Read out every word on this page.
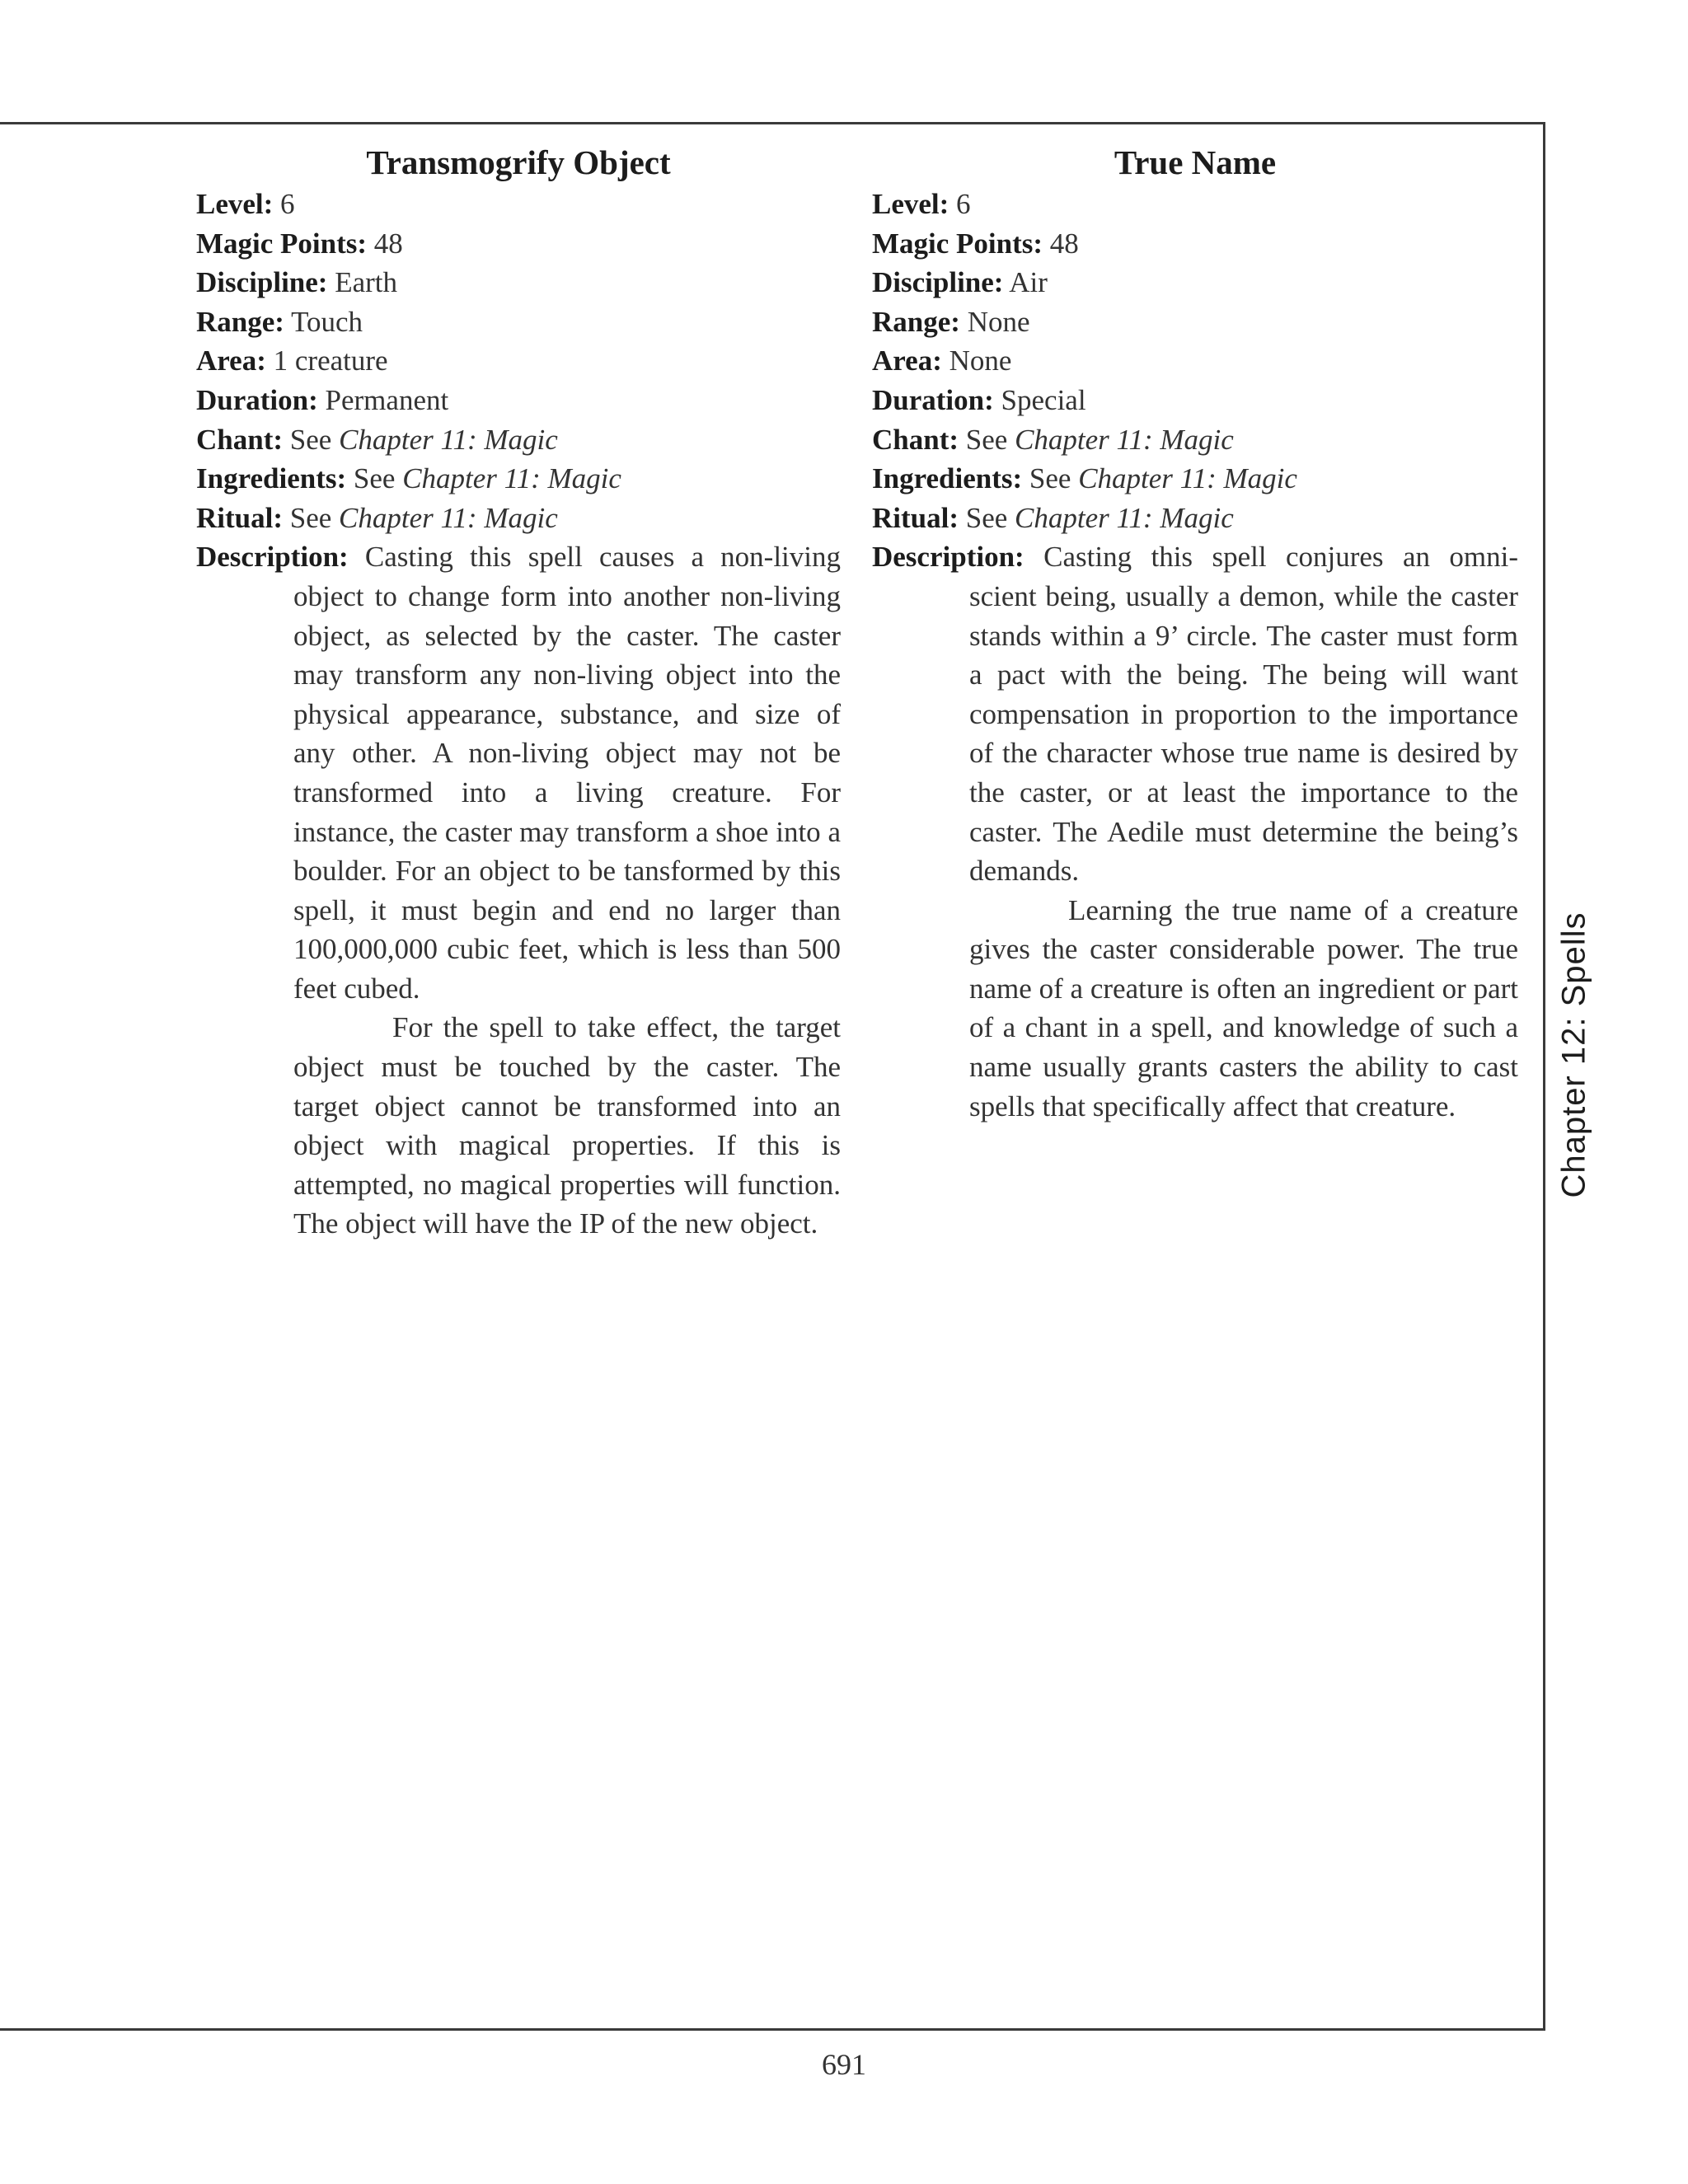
Transmogrify Object
Level: 6
Magic Points: 48
Discipline: Earth
Range: Touch
Area: 1 creature
Duration: Permanent
Chant: See Chapter 11: Magic
Ingredients: See Chapter 11: Magic
Ritual: See Chapter 11: Magic
Description: Casting this spell causes a non-living

object to change form into another non-living object, as selected by the caster. The caster may transform any non-living object into the physical appearance, substance, and size of any other. A non-living object may not be transformed into a living creature. For instance, the caster may transform a shoe into a boulder. For an object to be tansformed by this spell, it must begin and end no larger than 100,000,000 cubic feet, which is less than 500 feet cubed.

For the spell to take effect, the target object must be touched by the caster. The target object cannot be transformed into an object with magical properties. If this is attempted, no magical properties will function. The object will have the IP of the new object.

True Name
Level: 6
Magic Points: 48
Discipline: Air
Range: None
Area: None
Duration: Special
Chant: See Chapter 11: Magic
Ingredients: See Chapter 11: Magic
Ritual: See Chapter 11: Magic
Description: Casting this spell conjures an omni-

scient being, usually a demon, while the caster stands within a 9’ circle. The caster must form a pact with the being. The being will want compensation in proportion to the importance of the character whose true name is desired by the caster, or at least the importance to the caster. The Aedile must determine the being’s demands.

Learning the true name of a creature gives the caster considerable power. The true name of a creature is often an ingredient or part of a chant in a spell, and knowledge of such a name usually grants casters the ability to cast spells that specifically affect that creature.	Chapter 12: Spells
691
